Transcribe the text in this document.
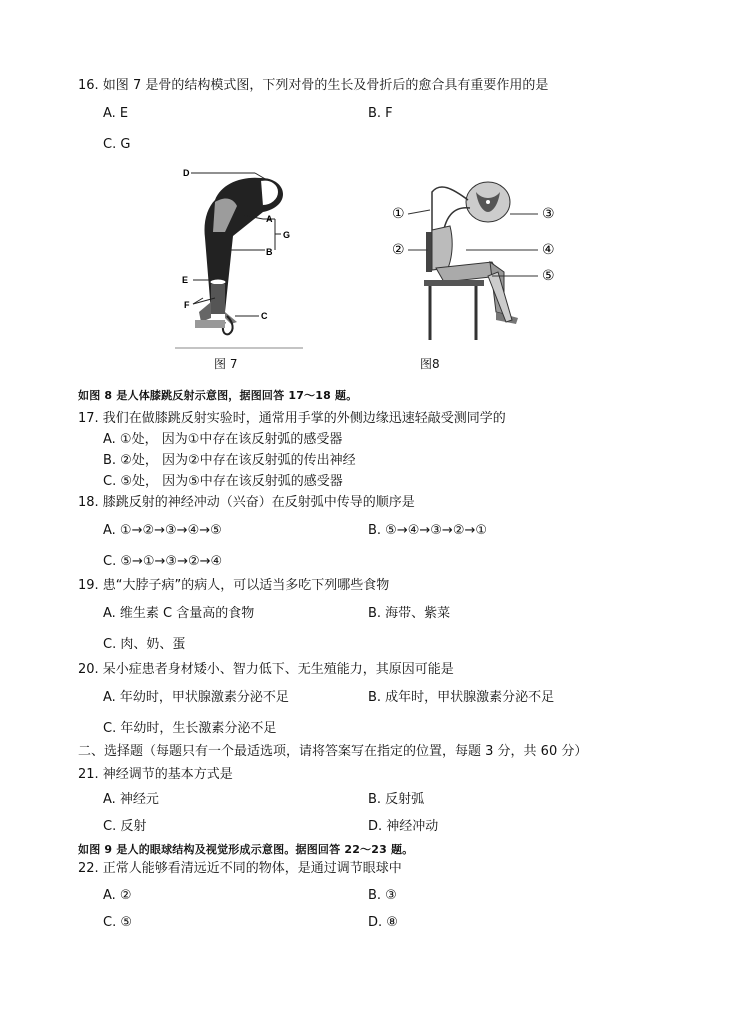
16. 如图 7 是骨的结构模式图，下列对骨的生长及骨折后的愈合具有重要作用的是
A. E	B. F
C. G
D
A
G
B
E
F
C
图 7
①
②
③
④
⑤
图8
如图 8 是人体膝跳反射示意图，据图回答 17～18 题。
17. 我们在做膝跳反射实验时，通常用手掌的外侧边缘迅速轻敲受测同学的
A. ①处， 因为①中存在该反射弧的感受器
B. ②处， 因为②中存在该反射弧的传出神经
C. ⑤处， 因为⑤中存在该反射弧的感受器
18. 膝跳反射的神经冲动（兴奋）在反射弧中传导的顺序是
A. ①→②→③→④→⑤	B. ⑤→④→③→②→①
C. ⑤→①→③→②→④
19. 患“大脖子病”的病人，可以适当多吃下列哪些食物
A. 维生素 C 含量高的食物	B. 海带、紫菜
C. 肉、奶、蛋
20. 呆小症患者身材矮小、智力低下、无生殖能力，其原因可能是
A. 年幼时，甲状腺激素分泌不足	B. 成年时，甲状腺激素分泌不足
C. 年幼时，生长激素分泌不足
二、选择题（每题只有一个最适选项，请将答案写在指定的位置，每题 3 分，共 60 分）
21. 神经调节的基本方式是
A. 神经元	B. 反射弧
C. 反射	D. 神经冲动
如图 9 是人的眼球结构及视觉形成示意图。据图回答 22～23 题。
22. 正常人能够看清远近不同的物体，是通过调节眼球中
A. ②	B. ③
C. ⑤	D. ⑧
